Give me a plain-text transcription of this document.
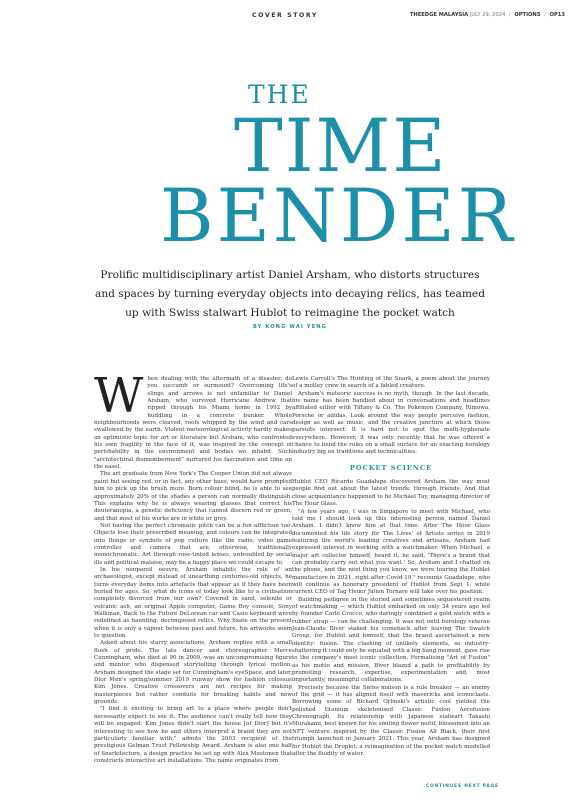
COVER STORY	THEEDGE MALAYSIA JULY 29, 2024 / OPTIONS / OP13
THE
TIME
BENDER
Prolific multidisciplinary artist Daniel Arsham, who distorts structures and spaces by turning everyday objects into decaying relics, has teamed up with Swiss stalwart Hublot to reimagine the pocket watch
BY KONG WAI YENG

When dealing with the aftermath of a disaster, do you succumb or surmount? Overcoming life's slings and arrows is not unfamiliar to Daniel Arsham, who survived Hurricane Andrew that ripped through his Miami home in 1992 by huddling in a concrete bunker. Whole neighbourhoods were cleaved, roofs whipped by the wind and cars swallowed by the earth. Violent meteorological activity hardly makes an optimistic topic for art or literature but Arsham, who confronted his own fragility in the face of it, was inspired by the concept of perishability in the environment and bodies we inhabit. Such "architectural dismemberment" nurtured his fascination and time on the easel.

The art graduate from New York's The Cooper Union did not always paint but seeing red, or in fact, any other hues, would have prompted him to pick up the brush more. Born colour blind, he is able to see approximately 20% of the shades a person can normally distinguish. This explains why he is always wearing glasses that correct his deuteranopia, a genetic deficiency that cannot discern red or green, and that most of his works are in white or grey.

Not having the perfect chromatic pitch can be a fun affliction too: Objects lose their prescribed meaning, and colours can be integrated into things or symbols of pop culture like the radio, video game controller and camera that are, otherwise, traditionally monochromatic. Art through rose-tinted lenses, untroubled by social ills and political malaise, may be a happy place we could escape to.

In his nonpareil oeuvre, Arsham inhabits the role of an archaeologist, except instead of unearthing centuries-old objects, he turns everyday items into artefacts that appear as if they have been buried for ages. So, what do icons of today look like to a civilisation completely divorced from our own? Covered in sand, selenite or volcanic ash, an original Apple computer, Game Boy console, Sony Walkman, Back to the Future DeLorean car and Casio keyboard were redefined as haunting, decomposed relics. Why fixate on the present when it is only a vapour between past and future, his artworks seem to question.

Asked about his starry associations, Arsham replies with a small flush of pride. The late dancer and choreographer Merce Cunningham, who died at 90 in 2009, was an uncompromising figure and mentor who dispensed storytelling through lyrical motion. Arsham designed the stage set for Cunningham's eyeSpace, and later, Dior Men's spring/summer 2019 runway show for fashion colossus Kim Jones. Creative crossovers are not recipes for making masterpieces but rather conduits for breaking habits and new grounds.

"I find it exciting to bring art to a place where people don't necessarily expect to see it. The audience can't really tell how they will be engaged. Kim Jones didn't start the house [of Dior] but it's interesting to see how he and others interpret a brand they are not particularly familiar with," admits the 2003 recipient of the prestigious Gelman Trust Fellowship Award. Arsham is also one half of Snarkitecture, a design practice he set up with Alex Mustonen that constructs interactive art installations. The name originates from

Lewis Carroll's The Hunting of the Snark, a poem about the journey of a motley crew in search of a fabled creature.

Arsham's meteoric success is no myth, though. In the last decade, his name has been bandied about in conversations and headlines affiliated either with Tiffany & Co, The Pokémon Company, Rimowa, Porsche or adidas. Look around the way people perceive fashion, design as well as music, and the creative juncture at which those pursuits intersect: It is hard not to spot the multi-hyphenate everywhere. However, it was only recently that he was offered a chance to bend the rules on a small surface for an exacting horology industry big on traditions and technicalities.

POCKET SCIENCE

Hublot CEO Ricardo Guadalupe discovered Arsham the way most people find out about the latest trends: through friends. And that close acquaintance happened to be Michael Tay, managing director of The Hour Glass.

"A few years ago, I was in Singapore to meet with Michael, who told me I should look up this interesting person named Daniel Arsham. I didn't know him at that time. After The Hour Glass documented his life story for The Lives' of Artists series in 2019 featuring the world's leading creatives and artisans, Arsham had expressed interest in working with a watchmaker. When Michael, a major art collector himself, heard it, he said, 'There's a brand that can probably carry out what you want.' So, Arsham and I chatted on the phone, and the next thing you know, we were touring the Hublot manufacture in 2021, right after Covid-19," recounts Guadalupe, who will continue as honorary president of Hublot from Sept 1, while current CEO of Tag Heuer Julien Tornare will take over his position.

Building pedigree in the storied and sometimes sequestered realm of watchmaking — which Hublot embarked on only 34 years ago led by founder Carlo Crocco, who daringly combined a gold watch with a rubber strap — can be challenging. It was not until horology veteran Jean-Claude Biver staked his comeback after leaving The Swatch Group, for Hublot and himself, that the brand ascertained a new identity: fusion. The clashing of unlikely elements, so industry-shattering it could only be equated with a big bang moment, gave rise to the company's most iconic collection. Formalising "Art of Fusion" as his motto and mission, Biver blazed a path to profitability by promoting research, expertise, experimentation and, most importantly, meaningful collaborations.

Precisely because the Swiss maison is a rule breaker — an enemy of the grid — it has aligned itself with mavericks and iconoclasts. Borrowing some of Richard Orlinski's artistic cool yielded the polished titanium skeletonised Classic Fusion Aerofusion Chronograph. Its relationship with Japanese stalwart Takashi Murakami, best known for his smiling flower motif, blossomed into an NFT venture inspired by the Classic Fusion All Black, their first triumph launched in January 2021. This year, Arsham has designed for Hublot the Droplet, a reimagination of the pocket watch modelled after the fluidity of water.

CONTINUES NEXT PAGE
